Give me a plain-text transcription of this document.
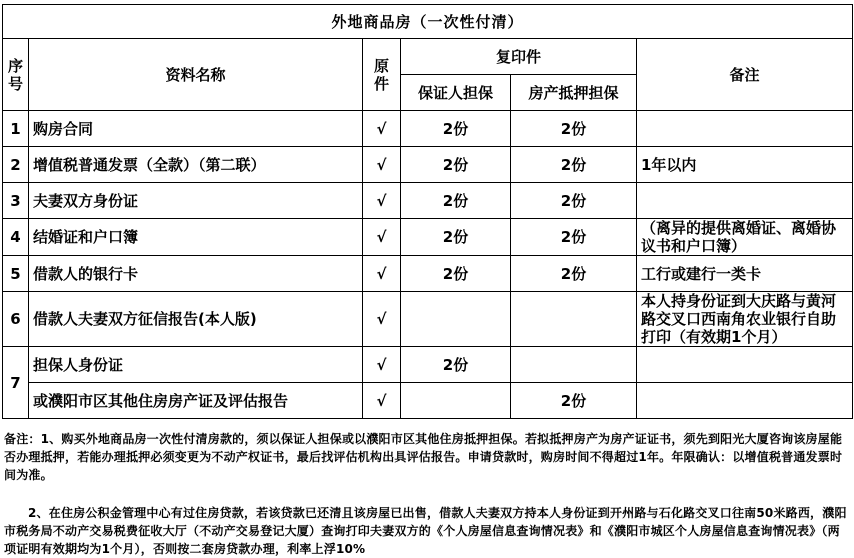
外地商品房（一次性付清）					
序号	资料名称	原件	复印件		备注
			保证人担保	房产抵押担保	
1	购房合同	√	2份	2份	
2	增值税普通发票（全款）（第二联）	√	2份	2份	1年以内
3	夫妻双方身份证	√	2份	2份	
4	结婚证和户口簿	√	2份	2份	（离异的提供离婚证、离婚协议书和户口簿）
5	借款人的银行卡	√	2份	2份	工行或建行一类卡
6	借款人夫妻双方征信报告(本人版)	√			本人持身份证到大庆路与黄河路交叉口西南角农业银行自助打印（有效期1个月）
7	担保人身份证	√	2份		
	或濮阳市区其他住房房产证及评估报告	√		2份	

备注：1、购买外地商品房一次性付清房款的，须以保证人担保或以濮阳市区其他住房抵押担保。若拟抵押房产为房产证证书，须先到阳光大厦咨询该房屋能否办理抵押，若能办理抵押必须变更为不动产权证书，最后找评估机构出具评估报告。申请贷款时，购房时间不得超过1年。年限确认：以增值税普通发票时间为准。

2、在住房公积金管理中心有过住房贷款，若该贷款已还清且该房屋已出售，借款人夫妻双方持本人身份证到开州路与石化路交叉口往南50米路西，濮阳市税务局不动产交易税费征收大厅（不动产交易登记大厦）查询打印夫妻双方的《个人房屋信息查询情况表》和《濮阳市城区个人房屋信息查询情况表》（两项证明有效期均为1个月），否则按二套房贷款办理，利率上浮10%
